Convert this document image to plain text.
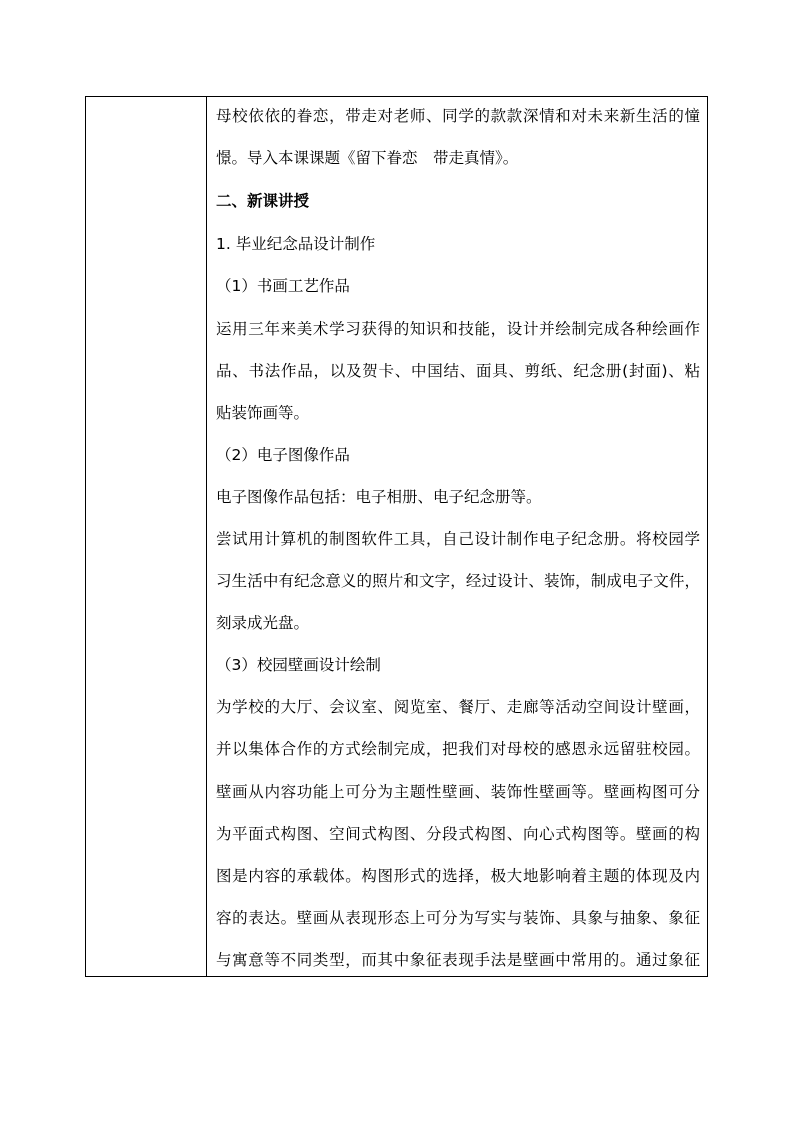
母校依依的眷恋，带走对老师、同学的款款深情和对未来新生活的憧
憬。导入本课课题《留下眷恋　带走真情》。
二、新课讲授
1. 毕业纪念品设计制作
（1）书画工艺作品
运用三年来美术学习获得的知识和技能，设计并绘制完成各种绘画作
品、书法作品，以及贺卡、中国结、面具、剪纸、纪念册(封面)、粘
贴装饰画等。
（2）电子图像作品
电子图像作品包括：电子相册、电子纪念册等。
尝试用计算机的制图软件工具，自己设计制作电子纪念册。将校园学
习生活中有纪念意义的照片和文字，经过设计、装饰，制成电子文件，
刻录成光盘。
（3）校园壁画设计绘制
为学校的大厅、会议室、阅览室、餐厅、走廊等活动空间设计壁画，
并以集体合作的方式绘制完成，把我们对母校的感恩永远留驻校园。
壁画从内容功能上可分为主题性壁画、装饰性壁画等。壁画构图可分
为平面式构图、空间式构图、分段式构图、向心式构图等。壁画的构
图是内容的承载体。构图形式的选择，极大地影响着主题的体现及内
容的表达。壁画从表现形态上可分为写实与装饰、具象与抽象、象征
与寓意等不同类型，而其中象征表现手法是壁画中常用的。通过象征
